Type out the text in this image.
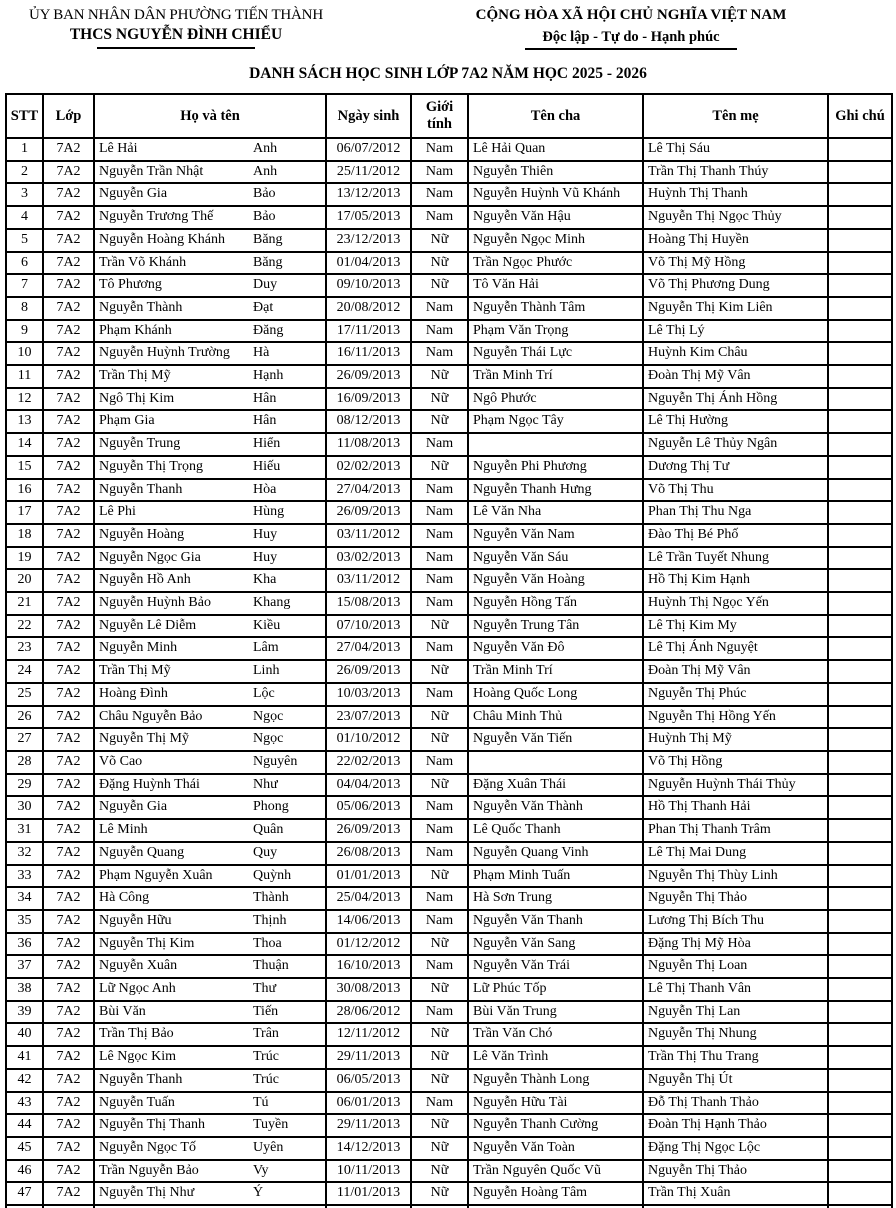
ỦY BAN NHÂN DÂN PHƯỜNG TIẾN THÀNH
THCS NGUYỄN ĐÌNH CHIỂU
CỘNG HÒA XÃ HỘI CHỦ NGHĨA VIỆT NAM
Độc lập - Tự do - Hạnh phúc
DANH SÁCH HỌC SINH LỚP 7A2 NĂM HỌC 2025 - 2026
STT	Lớp	Họ và tên	Ngày sinh	Giới tính	Tên cha	Tên mẹ	Ghi chú
1	7A2	Lê Hải Anh	06/07/2012	Nam	Lê Hải Quan	Lê Thị Sáu	
2	7A2	Nguyễn Trần Nhật Anh	25/11/2012	Nam	Nguyễn Thiên	Trần Thị Thanh Thúy	
3	7A2	Nguyễn Gia Bảo	13/12/2013	Nam	Nguyễn Huỳnh Vũ Khánh	Huỳnh Thị Thanh	
4	7A2	Nguyễn Trương Thế Bảo	17/05/2013	Nam	Nguyễn Văn Hậu	Nguyễn Thị Ngọc Thủy	
5	7A2	Nguyễn Hoàng Khánh Băng	23/12/2013	Nữ	Nguyễn Ngọc Minh	Hoàng Thị Huyền	
6	7A2	Trần Võ Khánh Băng	01/04/2013	Nữ	Trần Ngọc Phước	Võ Thị Mỹ Hồng	
7	7A2	Tô Phương Duy	09/10/2013	Nữ	Tô Văn Hải	Võ Thị Phương Dung	
8	7A2	Nguyễn Thành Đạt	20/08/2012	Nam	Nguyễn Thành Tâm	Nguyễn Thị Kim Liên	
9	7A2	Phạm Khánh Đăng	17/11/2013	Nam	Phạm Văn Trọng	Lê Thị Lý	
10	7A2	Nguyễn Huỳnh Trường Hà	16/11/2013	Nam	Nguyễn Thái Lực	Huỳnh Kim Châu	
11	7A2	Trần Thị Mỹ Hạnh	26/09/2013	Nữ	Trần Minh Trí	Đoàn Thị Mỹ Vân	
12	7A2	Ngô Thị Kim Hân	16/09/2013	Nữ	Ngô Phước	Nguyễn Thị Ánh Hồng	
13	7A2	Phạm Gia Hân	08/12/2013	Nữ	Phạm Ngọc Tây	Lê Thị Hường	
14	7A2	Nguyễn Trung Hiển	11/08/2013	Nam		Nguyễn Lê Thủy Ngân	
15	7A2	Nguyễn Thị Trọng Hiếu	02/02/2013	Nữ	Nguyễn Phi Phương	Dương Thị Tư	
16	7A2	Nguyễn Thanh Hòa	27/04/2013	Nam	Nguyễn Thanh Hưng	Võ Thị Thu	
17	7A2	Lê Phi Hùng	26/09/2013	Nam	Lê Văn Nha	Phan Thị Thu Nga	
18	7A2	Nguyễn Hoàng Huy	03/11/2012	Nam	Nguyễn Văn Nam	Đào Thị Bé Phố	
19	7A2	Nguyễn Ngọc Gia Huy	03/02/2013	Nam	Nguyễn Văn Sáu	Lê Trần Tuyết Nhung	
20	7A2	Nguyễn Hồ Anh Kha	03/11/2012	Nam	Nguyễn Văn Hoàng	Hồ Thị Kim Hạnh	
21	7A2	Nguyễn Huỳnh Bảo Khang	15/08/2013	Nam	Nguyễn Hồng Tấn	Huỳnh Thị Ngọc Yến	
22	7A2	Nguyễn Lê Diễm Kiều	07/10/2013	Nữ	Nguyễn Trung Tân	Lê Thị Kim My	
23	7A2	Nguyễn Minh Lâm	27/04/2013	Nam	Nguyễn Văn Đô	Lê Thị Ánh Nguyệt	
24	7A2	Trần Thị Mỹ Linh	26/09/2013	Nữ	Trần Minh Trí	Đoàn Thị Mỹ Vân	
25	7A2	Hoàng Đình Lộc	10/03/2013	Nam	Hoàng Quốc Long	Nguyễn Thị Phúc	
26	7A2	Châu Nguyễn Bảo Ngọc	23/07/2013	Nữ	Châu Minh Thủ	Nguyễn Thị Hồng Yến	
27	7A2	Nguyễn Thị Mỹ Ngọc	01/10/2012	Nữ	Nguyễn Văn Tiến	Huỳnh Thị Mỹ	
28	7A2	Võ Cao Nguyên	22/02/2013	Nam		Võ Thị Hồng	
29	7A2	Đặng Huỳnh Thái Như	04/04/2013	Nữ	Đặng Xuân Thái	Nguyễn Huỳnh Thái Thủy	
30	7A2	Nguyễn Gia Phong	05/06/2013	Nam	Nguyễn Văn Thành	Hồ Thị Thanh Hải	
31	7A2	Lê Minh Quân	26/09/2013	Nam	Lê Quốc Thanh	Phan Thị Thanh Trâm	
32	7A2	Nguyễn Quang Quy	26/08/2013	Nam	Nguyễn Quang Vinh	Lê Thị Mai Dung	
33	7A2	Phạm Nguyễn Xuân Quỳnh	01/01/2013	Nữ	Phạm Minh Tuấn	Nguyễn Thị Thùy Linh	
34	7A2	Hà Công Thành	25/04/2013	Nam	Hà Sơn Trung	Nguyễn Thị Thảo	
35	7A2	Nguyễn Hữu Thịnh	14/06/2013	Nam	Nguyễn Văn Thanh	Lương Thị Bích Thu	
36	7A2	Nguyễn Thị Kim Thoa	01/12/2012	Nữ	Nguyễn Văn Sang	Đặng Thị Mỹ Hòa	
37	7A2	Nguyễn Xuân Thuận	16/10/2013	Nam	Nguyễn Văn Trái	Nguyễn Thị Loan	
38	7A2	Lữ Ngọc Anh Thư	30/08/2013	Nữ	Lữ Phúc Tốp	Lê Thị Thanh Vân	
39	7A2	Bùi Văn Tiến	28/06/2012	Nam	Bùi Văn Trung	Nguyễn Thị Lan	
40	7A2	Trần Thị Bảo Trân	12/11/2012	Nữ	Trần Văn Chó	Nguyễn Thị Nhung	
41	7A2	Lê Ngọc Kim Trúc	29/11/2013	Nữ	Lê Văn Trình	Trần Thị Thu Trang	
42	7A2	Nguyễn Thanh Trúc	06/05/2013	Nữ	Nguyễn Thành Long	Nguyễn Thị Út	
43	7A2	Nguyễn Tuấn Tú	06/01/2013	Nam	Nguyễn Hữu Tài	Đỗ Thị Thanh Thảo	
44	7A2	Nguyễn Thị Thanh Tuyền	29/11/2013	Nữ	Nguyễn Thanh Cường	Đoàn Thị Hạnh Thảo	
45	7A2	Nguyễn Ngọc Tố Uyên	14/12/2013	Nữ	Nguyễn Văn Toàn	Đặng Thị Ngọc Lộc	
46	7A2	Trần Nguyễn Bảo Vy	10/11/2013	Nữ	Trần Nguyên Quốc Vũ	Nguyễn Thị Thảo	
47	7A2	Nguyễn Thị Như Ý	11/01/2013	Nữ	Nguyễn Hoàng Tâm	Trần Thị Xuân	
